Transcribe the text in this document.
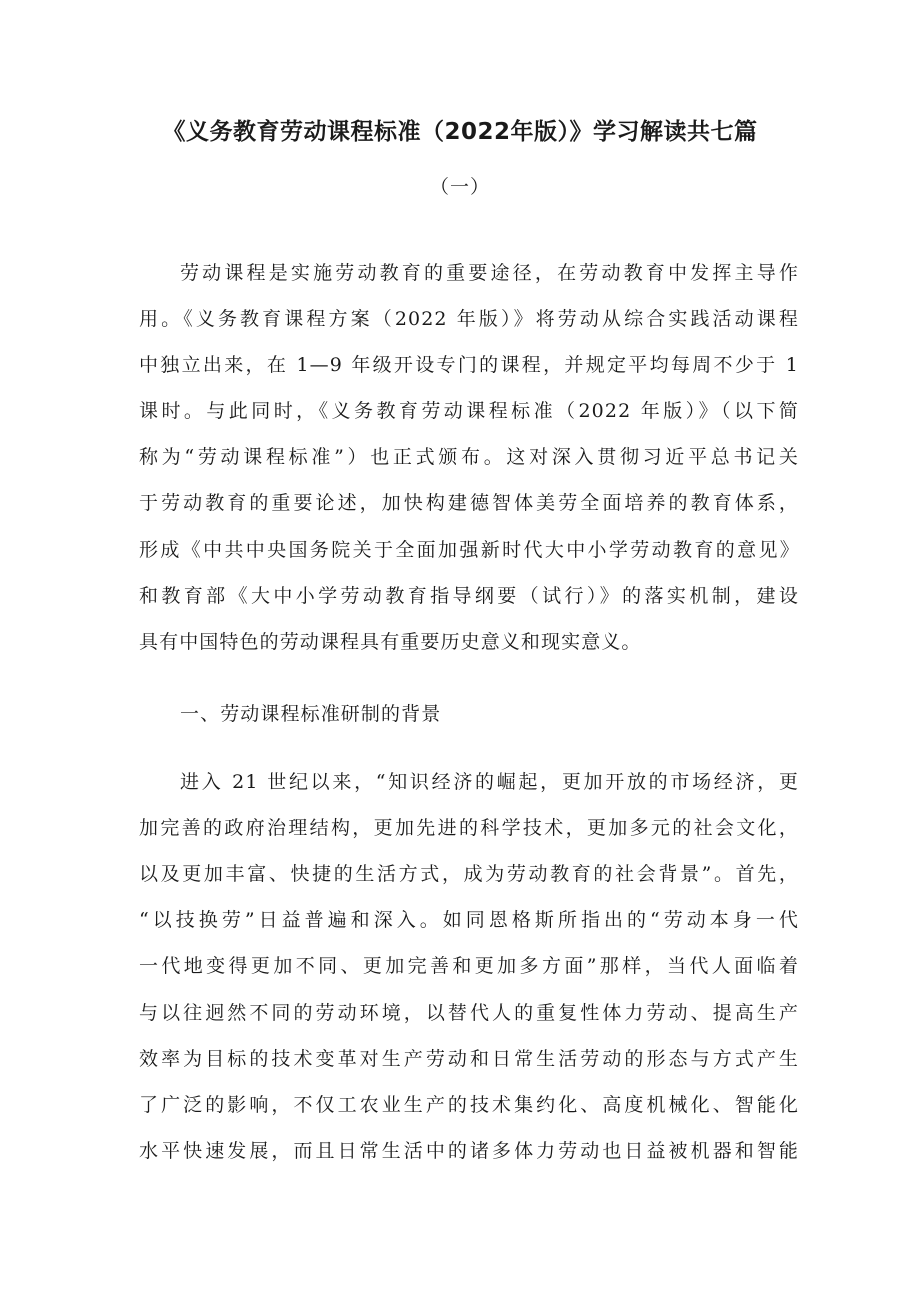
《义务教育劳动课程标准（2022年版）》学习解读共七篇
（一）
劳动课程是实施劳动教育的重要途径，在劳动教育中发挥主导作
用。《义务教育课程方案（2022 年版）》将劳动从综合实践活动课程
中独立出来，在 1—9 年级开设专门的课程，并规定平均每周不少于 1
课时。与此同时，《义务教育劳动课程标准（2022 年版）》（以下简
称为“劳动课程标准”）也正式颁布。这对深入贯彻习近平总书记关
于劳动教育的重要论述，加快构建德智体美劳全面培养的教育体系，
形成《中共中央国务院关于全面加强新时代大中小学劳动教育的意见》
和教育部《大中小学劳动教育指导纲要（试行）》的落实机制，建设
具有中国特色的劳动课程具有重要历史意义和现实意义。
一、劳动课程标准研制的背景
进入 21 世纪以来，“知识经济的崛起，更加开放的市场经济，更
加完善的政府治理结构，更加先进的科学技术，更加多元的社会文化，
以及更加丰富、快捷的生活方式，成为劳动教育的社会背景”。首先，
“以技换劳”日益普遍和深入。如同恩格斯所指出的“劳动本身一代
一代地变得更加不同、更加完善和更加多方面”那样，当代人面临着
与以往迥然不同的劳动环境，以替代人的重复性体力劳动、提高生产
效率为目标的技术变革对生产劳动和日常生活劳动的形态与方式产生
了广泛的影响，不仅工农业生产的技术集约化、高度机械化、智能化
水平快速发展，而且日常生活中的诸多体力劳动也日益被机器和智能
